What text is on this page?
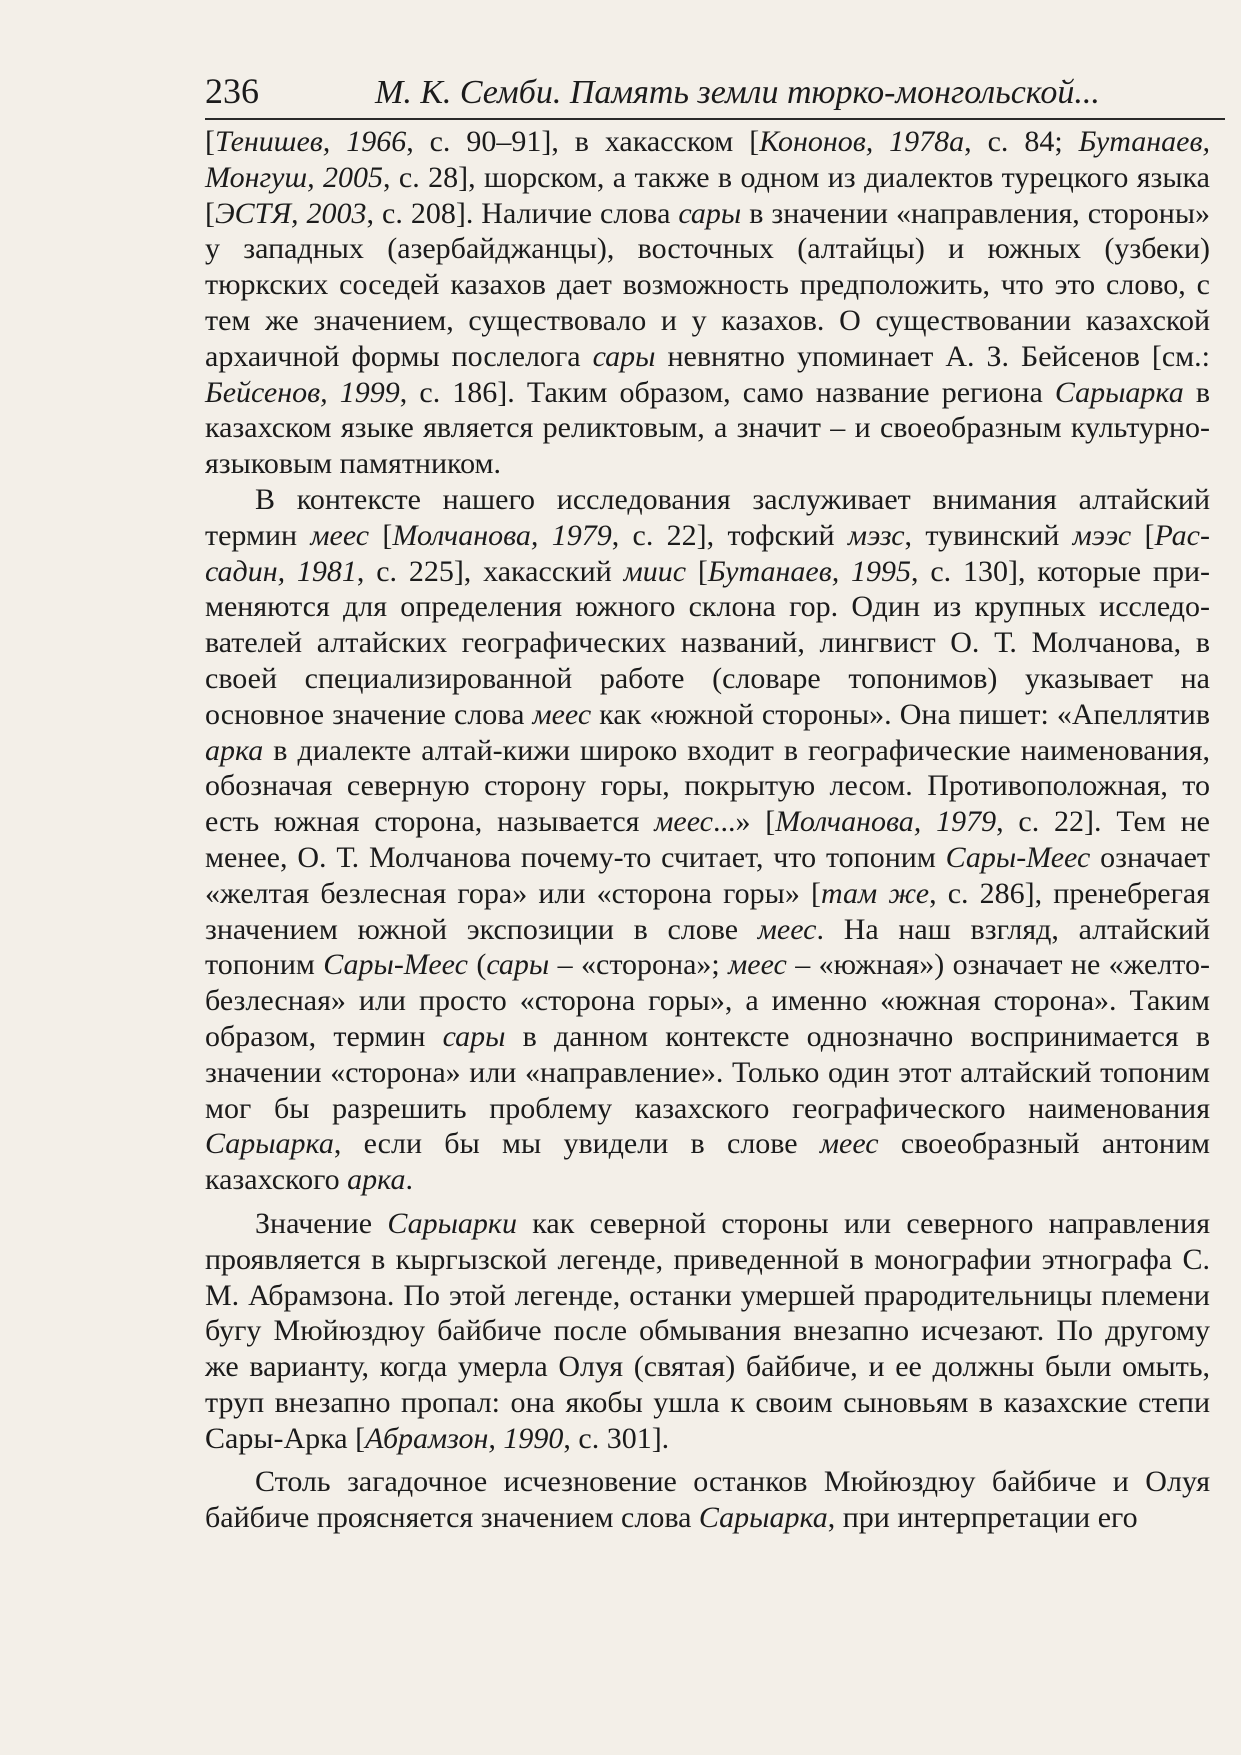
236	М. К. Семби. Память земли тюрко-монгольской...

[Тенишев, 1966, с. 90–91], в хакасском [Кононов, 1978а, с. 84; Бутанаев, Монгуш, 2005, с. 28], шорском, а также в одном из диалектов турецкого языка [ЭСТЯ, 2003, с. 208]. Наличие слова сары в значении «направления, стороны» у западных (азербайджанцы), восточных (алтайцы) и южных (узбеки) тюркских соседей казахов дает возможность предположить, что это слово, с тем же значением, существовало и у казахов. О существовании казахской архаичной формы послелога сары невнятно упоминает А. З. Бейсенов [см.: Бейсенов, 1999, с. 186]. Таким образом, само название региона Сарыарка в казахском языке является реликтовым, а значит – и своеобразным культурно-языковым памятником.

В контексте нашего исследования заслуживает внимания алтайский термин меес [Молчанова, 1979, с. 22], тофский мэзс, тувинский мээс [Рассадин, 1981, с. 225], хакасский миис [Бутанаев, 1995, с. 130], которые применяются для определения южного склона гор. Один из крупных исследователей алтайских географических названий, лингвист О. Т. Молчанова, в своей специализированной работе (словаре топонимов) указывает на основное значение слова меес как «южной стороны». Она пишет: «Апеллятив арка в диалекте алтай-кижи широко входит в географические наименования, обозначая северную сторону горы, покрытую лесом. Противоположная, то есть южная сторона, называется меес...» [Молчанова, 1979, с. 22]. Тем не менее, О. Т. Молчанова почему-то считает, что топоним Сары-Меес означает «желтая безлесная гора» или «сторона горы» [там же, с. 286], пренебрегая значением южной экспозиции в слове меес. На наш взгляд, алтайский топоним Сары-Меес (сары – «сторона»; меес – «южная») означает не «желто-безлесная» или просто «сторона горы», а именно «южная сторона». Таким образом, термин сары в данном контексте однозначно воспринимается в значении «сторона» или «направление». Только один этот алтайский топоним мог бы разрешить проблему казахского географического наименования Сарыарка, если бы мы увидели в слове меес своеобразный антоним казахского арка.

Значение Сарыарки как северной стороны или северного направления проявляется в кыргызской легенде, приведенной в монографии этнографа С. М. Абрамзона. По этой легенде, останки умершей прародительницы племени бугу Мюйюздюу байбиче после обмывания внезапно исчезают. По другому же варианту, когда умерла Олуя (святая) байбиче, и ее должны были омыть, труп внезапно пропал: она якобы ушла к своим сыновьям в казахские степи Сары-Арка [Абрамзон, 1990, с. 301].

Столь загадочное исчезновение останков Мюйюздюу байбиче и Олуя байбиче проясняется значением слова Сарыарка, при интерпретации его
